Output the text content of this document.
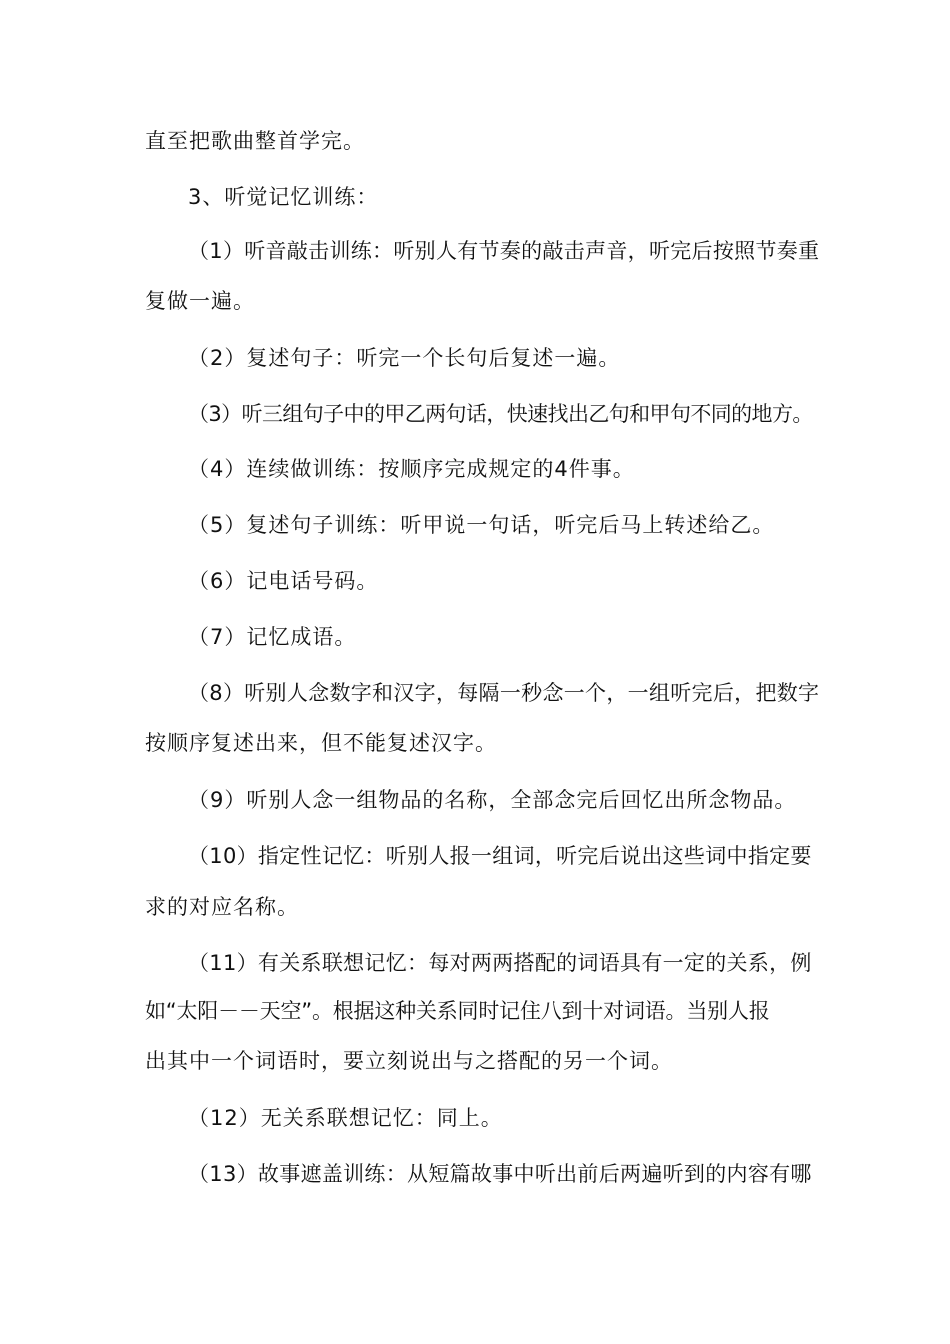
直至把歌曲整首学完。
3、听觉记忆训练：
（1）听音敲击训练：听别人有节奏的敲击声音，听完后按照节奏重
复做一遍。
（2）复述句子：听完一个长句后复述一遍。
（3）听三组句子中的甲乙两句话，快速找出乙句和甲句不同的地方。
（4）连续做训练：按顺序完成规定的4件事。
（5）复述句子训练：听甲说一句话，听完后马上转述给乙。
（6）记电话号码。
（7）记忆成语。
（8）听别人念数字和汉字，每隔一秒念一个，一组听完后，把数字
按顺序复述出来，但不能复述汉字。
（9）听别人念一组物品的名称，全部念完后回忆出所念物品。
（10）指定性记忆：听别人报一组词，听完后说出这些词中指定要
求的对应名称。
（11）有关系联想记忆：每对两两搭配的词语具有一定的关系，例
如“太阳－－天空”。根据这种关系同时记住八到十对词语。当别人报
出其中一个词语时，要立刻说出与之搭配的另一个词。
（12）无关系联想记忆：同上。
（13）故事遮盖训练：从短篇故事中听出前后两遍听到的内容有哪
